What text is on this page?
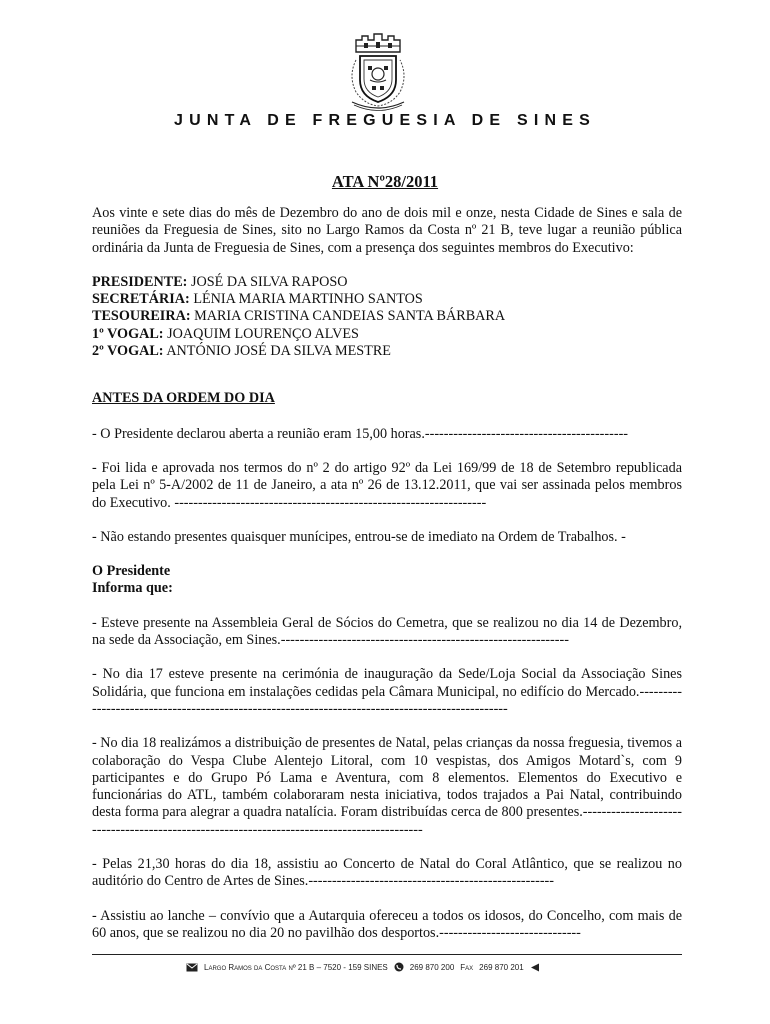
JUNTA DE FREGUESIA DE SINES
ATA Nº28/2011

Aos vinte e sete dias do mês de Dezembro do ano de dois mil e onze, nesta Cidade de Sines e sala de reuniões da Freguesia de Sines, sito no Largo Ramos da Costa nº 21 B, teve lugar a reunião pública ordinária da Junta de Freguesia de Sines, com a presença dos seguintes membros do Executivo:

PRESIDENTE: JOSÉ DA SILVA RAPOSO
SECRETÁRIA: LÉNIA MARIA MARTINHO SANTOS
TESOUREIRA: MARIA CRISTINA CANDEIAS SANTA BÁRBARA
1º VOGAL: JOAQUIM LOURENÇO ALVES
2º VOGAL: ANTÓNIO JOSÉ DA SILVA MESTRE
ANTES DA ORDEM DO DIA

- O Presidente declarou aberta a reunião eram 15,00 horas.-------------------------------------------

- Foi lida e aprovada nos termos do nº 2 do artigo 92º da Lei 169/99 de 18 de Setembro republicada pela Lei nº 5-A/2002 de 11 de Janeiro, a ata nº 26 de 13.12.2011, que vai ser assinada pelos membros do Executivo. ------------------------------------------------------------------

- Não estando presentes quaisquer munícipes, entrou-se de imediato na Ordem de Trabalhos. -

O Presidente
Informa que:

- Esteve presente na Assembleia Geral de Sócios do Cemetra, que se realizou no dia 14 de Dezembro, na sede da Associação, em Sines.-------------------------------------------------------------

- No dia 17 esteve presente na cerimónia de inauguração da Sede/Loja Social da Associação Sines Solidária, que funciona em instalações cedidas pela Câmara Municipal, no edifício do Mercado.-------------------------------------------------------------------------------------------------

- No dia 18 realizámos a distribuição de presentes de Natal, pelas crianças da nossa freguesia, tivemos a colaboração do Vespa Clube Alentejo Litoral, com 10 vespistas, dos Amigos Motard`s, com 9 participantes e do Grupo Pó Lama e Aventura, com 8 elementos. Elementos do Executivo e funcionárias do ATL, também colaboraram nesta iniciativa, todos trajados a Pai Natal, contribuindo desta forma para alegrar a quadra natalícia. Foram distribuídas cerca de 800 presentes.-------------------------------------------------------------------------------------------

- Pelas 21,30 horas do dia 18, assistiu ao Concerto de Natal do Coral Atlântico, que se realizou no auditório do Centro de Artes de Sines.----------------------------------------------------

- Assistiu ao lanche – convívio que a Autarquia ofereceu a todos os idosos, do Concelho, com mais de 60 anos, que se realizou no dia 20 no pavilhão dos desportos.------------------------------

Largo Ramos da Costa nº 21 B – 7520 - 159 SINES	269 870 200 Fax 269 870 201
